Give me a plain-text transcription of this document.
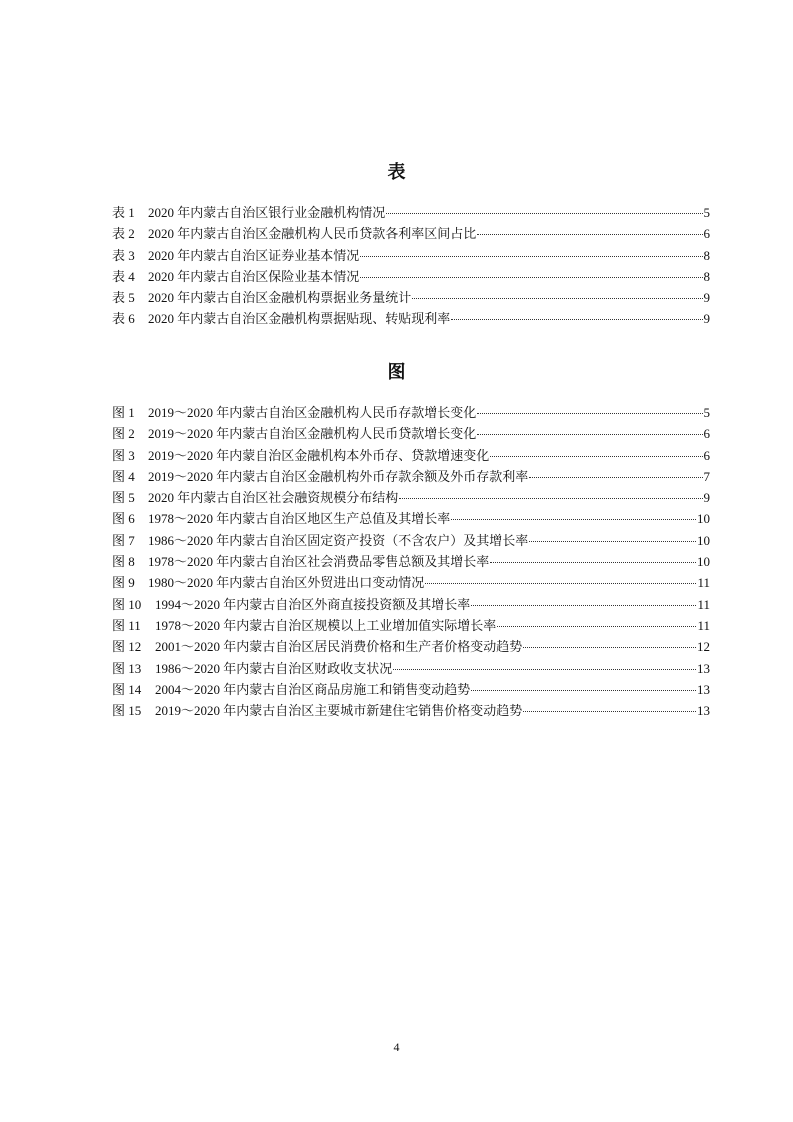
表
表 1	2020 年内蒙古自治区银行业金融机构情况	5
表 2	2020 年内蒙古自治区金融机构人民币贷款各利率区间占比	6
表 3	2020 年内蒙古自治区证券业基本情况	8
表 4	2020 年内蒙古自治区保险业基本情况	8
表 5	2020 年内蒙古自治区金融机构票据业务量统计	9
表 6	2020 年内蒙古自治区金融机构票据贴现、转贴现利率	9
图
图 1	2019～2020 年内蒙古自治区金融机构人民币存款增长变化	5
图 2	2019～2020 年内蒙古自治区金融机构人民币贷款增长变化	6
图 3	2019～2020 年内蒙自治区金融机构本外币存、贷款增速变化	6
图 4	2019～2020 年内蒙古自治区金融机构外币存款余额及外币存款利率	7
图 5	2020 年内蒙古自治区社会融资规模分布结构	9
图 6	1978～2020 年内蒙古自治区地区生产总值及其增长率	10
图 7	1986～2020 年内蒙古自治区固定资产投资（不含农户）及其增长率	10
图 8	1978～2020 年内蒙古自治区社会消费品零售总额及其增长率	10
图 9	1980～2020 年内蒙古自治区外贸进出口变动情况	11
图 10	1994～2020 年内蒙古自治区外商直接投资额及其增长率	11
图 11	1978～2020 年内蒙古自治区规模以上工业增加值实际增长率	11
图 12	2001～2020 年内蒙古自治区居民消费价格和生产者价格变动趋势	12
图 13	1986～2020 年内蒙古自治区财政收支状况	13
图 14	2004～2020 年内蒙古自治区商品房施工和销售变动趋势	13
图 15	2019～2020 年内蒙古自治区主要城市新建住宅销售价格变动趋势	13
4
